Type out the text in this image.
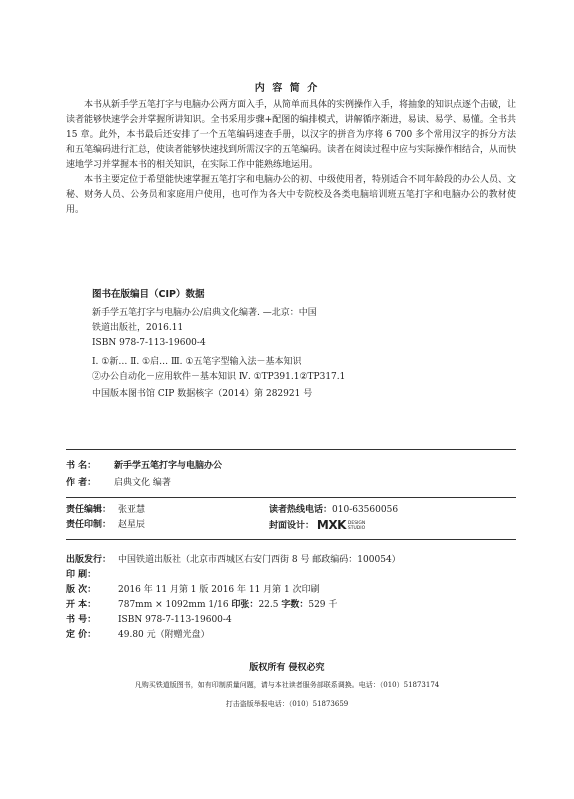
内 容 简 介

本书从新手学五笔打字与电脑办公两方面入手，从简单而具体的实例操作入手，将抽象的知识点逐个击破，让读者能够快速学会并掌握所讲知识。全书采用步骤+配图的编排模式，讲解循序渐进，易读、易学、易懂。全书共 15 章。此外，本书最后还安排了一个五笔编码速查手册，以汉字的拼音为序将 6 700 多个常用汉字的拆分方法和五笔编码进行汇总，使读者能够快速找到所需汉字的五笔编码。读者在阅读过程中应与实际操作相结合，从而快速地学习并掌握本书的相关知识，在实际工作中能熟练地运用。

本书主要定位于希望能快速掌握五笔打字和电脑办公的初、中级使用者，特别适合不同年龄段的办公人员、文秘、财务人员、公务员和家庭用户使用，也可作为各大中专院校及各类电脑培训班五笔打字和电脑办公的教材使用。

图书在版编目（CIP）数据
新手学五笔打字与电脑办公/启典文化编著. —北京：中国
铁道出版社，2016.11
ISBN 978-7-113-19600-4
Ⅰ. ①新… Ⅱ. ①启… Ⅲ. ①五笔字型输入法－基本知识
②办公自动化－应用软件－基本知识 Ⅳ. ①TP391.1②TP317.1
中国版本图书馆 CIP 数据核字（2014）第 282921 号
书 名： 新手学五笔打字与电脑办公
作 者： 启典文化 编著
责任编辑： 张亚慧	读者热线电话：010-63560056
责任印制： 赵星辰	封面设计： MXK DESIGN
STUDIO
出版发行： 中国铁道出版社（北京市西城区右安门西街 8 号 邮政编码：100054）
印 刷：
版 次： 2016 年 11 月第 1 版 2016 年 11 月第 1 次印刷
开 本： 787mm × 1092mm 1/16 印张：22.5 字数：529 千
书 号： ISBN 978-7-113-19600-4
定 价： 49.80 元（附赠光盘）
版权所有 侵权必究
凡购买铁道版图书，如有印制质量问题，请与本社读者服务部联系调换。电话：（010）51873174
打击盗版举报电话：（010）51873659
